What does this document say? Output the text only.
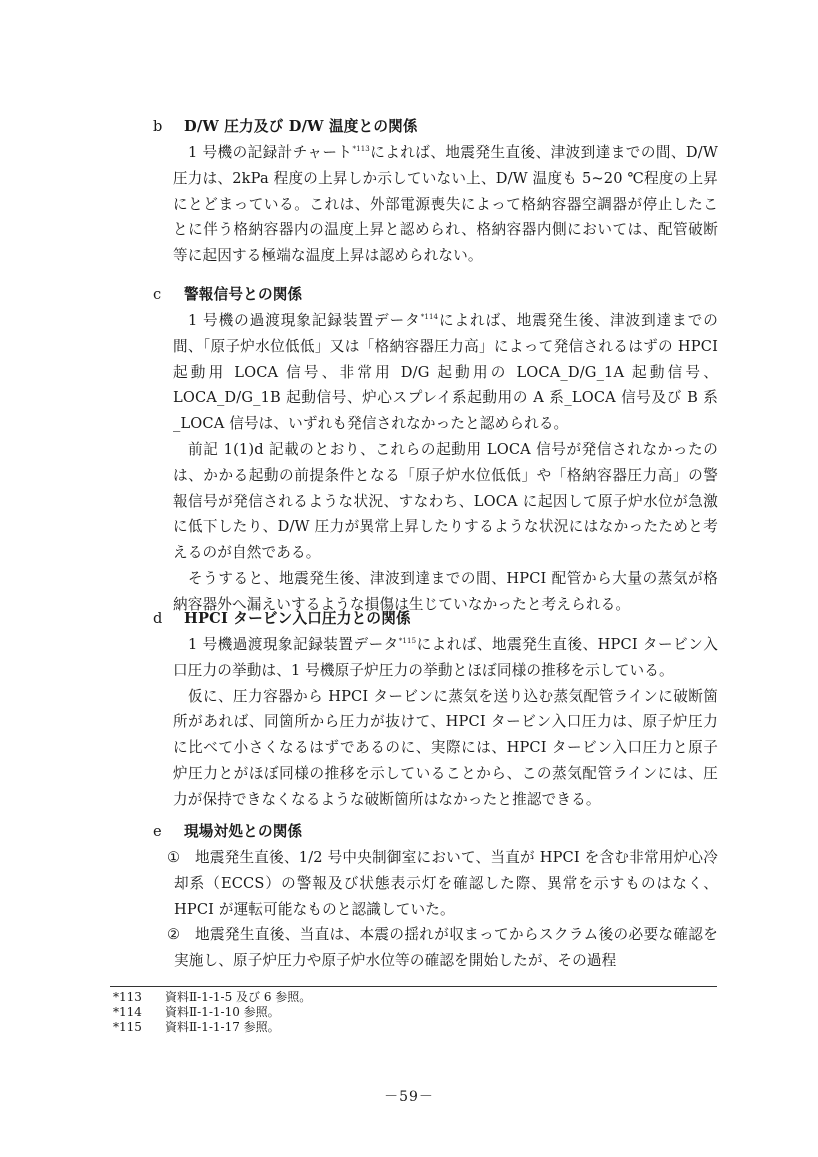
b D/W 圧力及び D/W 温度との関係

1 号機の記録計チャート$^{*113}$によれば、地震発生直後、津波到達までの間、D/W 圧力は、2kPa 程度の上昇しか示していない上、D/W 温度も 5~20 ℃程度の上昇にとどまっている。これは、外部電源喪失によって格納容器空調器が停止したことに伴う格納容器内の温度上昇と認められ、格納容器内側においては、配管破断等に起因する極端な温度上昇は認められない。

c 警報信号との関係

1 号機の過渡現象記録装置データ$^{*114}$によれば、地震発生後、津波到達までの間、「原子炉水位低低」又は「格納容器圧力高」によって発信されるはずの HPCI 起動用 LOCA 信号、非常用 D/G 起動用の LOCA_D/G_1A 起動信号、LOCA_D/G_1B 起動信号、炉心スプレイ系起動用の A 系_LOCA 信号及び B 系_LOCA 信号は、いずれも発信されなかったと認められる。

前記 1(1)d 記載のとおり、これらの起動用 LOCA 信号が発信されなかったのは、かかる起動の前提条件となる「原子炉水位低低」や「格納容器圧力高」の警報信号が発信されるような状況、すなわち、LOCA に起因して原子炉水位が急激に低下したり、D/W 圧力が異常上昇したりするような状況にはなかったためと考えるのが自然である。

そうすると、地震発生後、津波到達までの間、HPCI 配管から大量の蒸気が格納容器外へ漏えいするような損傷は生じていなかったと考えられる。

d HPCI タービン入口圧力との関係

1 号機過渡現象記録装置データ$^{*115}$によれば、地震発生直後、HPCI タービン入口圧力の挙動は、1 号機原子炉圧力の挙動とほぼ同様の推移を示している。

仮に、圧力容器から HPCI タービンに蒸気を送り込む蒸気配管ラインに破断箇所があれば、同箇所から圧力が抜けて、HPCI タービン入口圧力は、原子炉圧力に比べて小さくなるはずであるのに、実際には、HPCI タービン入口圧力と原子炉圧力とがほぼ同様の推移を示していることから、この蒸気配管ラインには、圧力が保持できなくなるような破断箇所はなかったと推認できる。

e 現場対処との関係
①	地震発生直後、1/2 号中央制御室において、当直が HPCI を含む非常用炉心冷却系（ECCS）の警報及び状態表示灯を確認した際、異常を示すものはなく、HPCI が運転可能なものと認識していた。
②	地震発生直後、当直は、本震の揺れが収まってからスクラム後の必要な確認を実施し、原子炉圧力や原子炉水位等の確認を開始したが、その過程
*113 資料Ⅱ-1-1-5 及び 6 参照。
*114 資料Ⅱ-1-1-10 参照。
*115 資料Ⅱ-1-1-17 参照。
－59－
